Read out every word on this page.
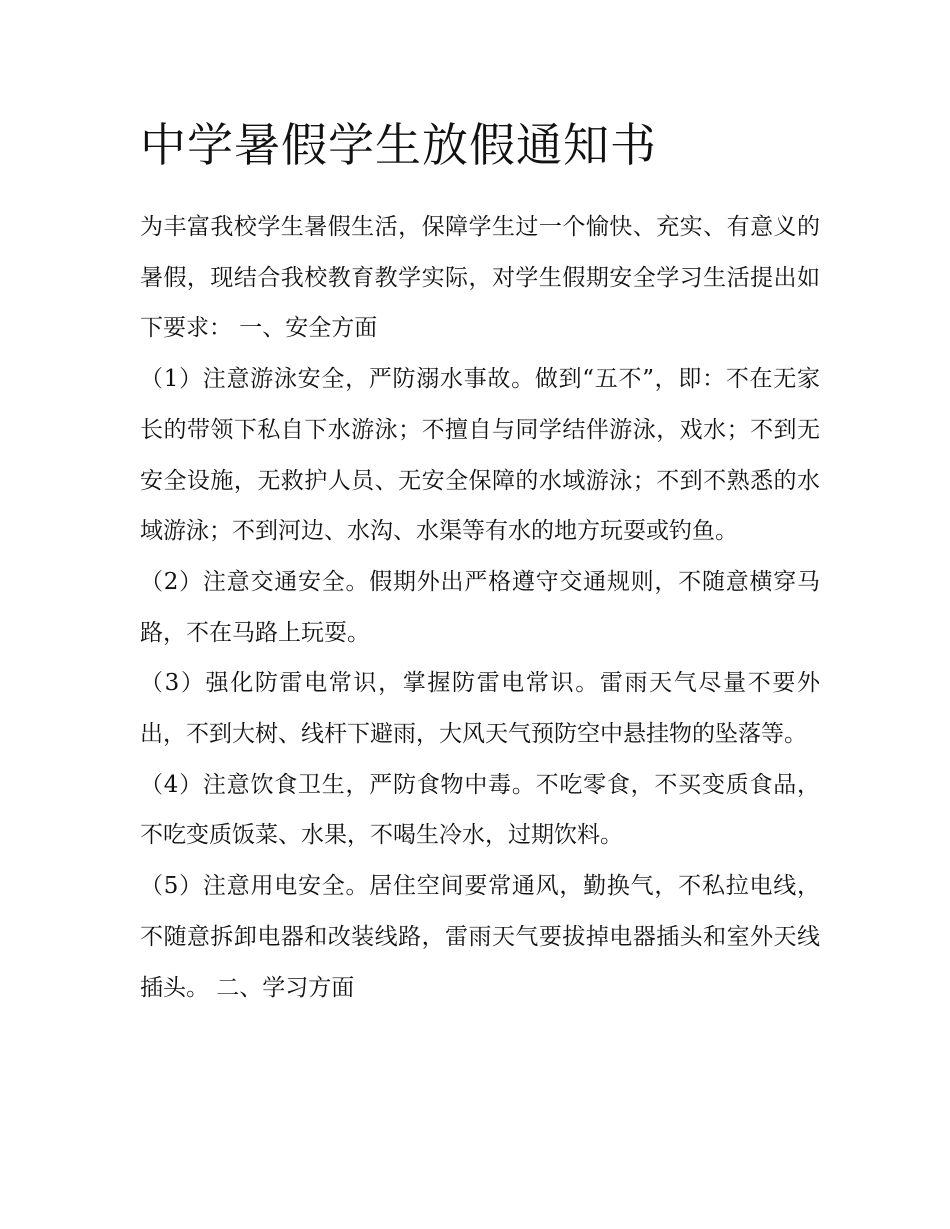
中学暑假学生放假通知书

为丰富我校学生暑假生活，保障学生过一个愉快、充实、有意义的暑假，现结合我校教育教学实际，对学生假期安全学习生活提出如下要求： 一、安全方面

（1）注意游泳安全，严防溺水事故。做到“五不”，即：不在无家长的带领下私自下水游泳；不擅自与同学结伴游泳，戏水；不到无安全设施，无救护人员、无安全保障的水域游泳；不到不熟悉的水域游泳；不到河边、水沟、水渠等有水的地方玩耍或钓鱼。

（2）注意交通安全。假期外出严格遵守交通规则，不随意横穿马路，不在马路上玩耍。

（3）强化防雷电常识，掌握防雷电常识。雷雨天气尽量不要外出，不到大树、线杆下避雨，大风天气预防空中悬挂物的坠落等。

（4）注意饮食卫生，严防食物中毒。不吃零食，不买变质食品，不吃变质饭菜、水果，不喝生冷水，过期饮料。

（5）注意用电安全。居住空间要常通风，勤换气，不私拉电线，不随意拆卸电器和改装线路，雷雨天气要拔掉电器插头和室外天线插头。 二、学习方面
